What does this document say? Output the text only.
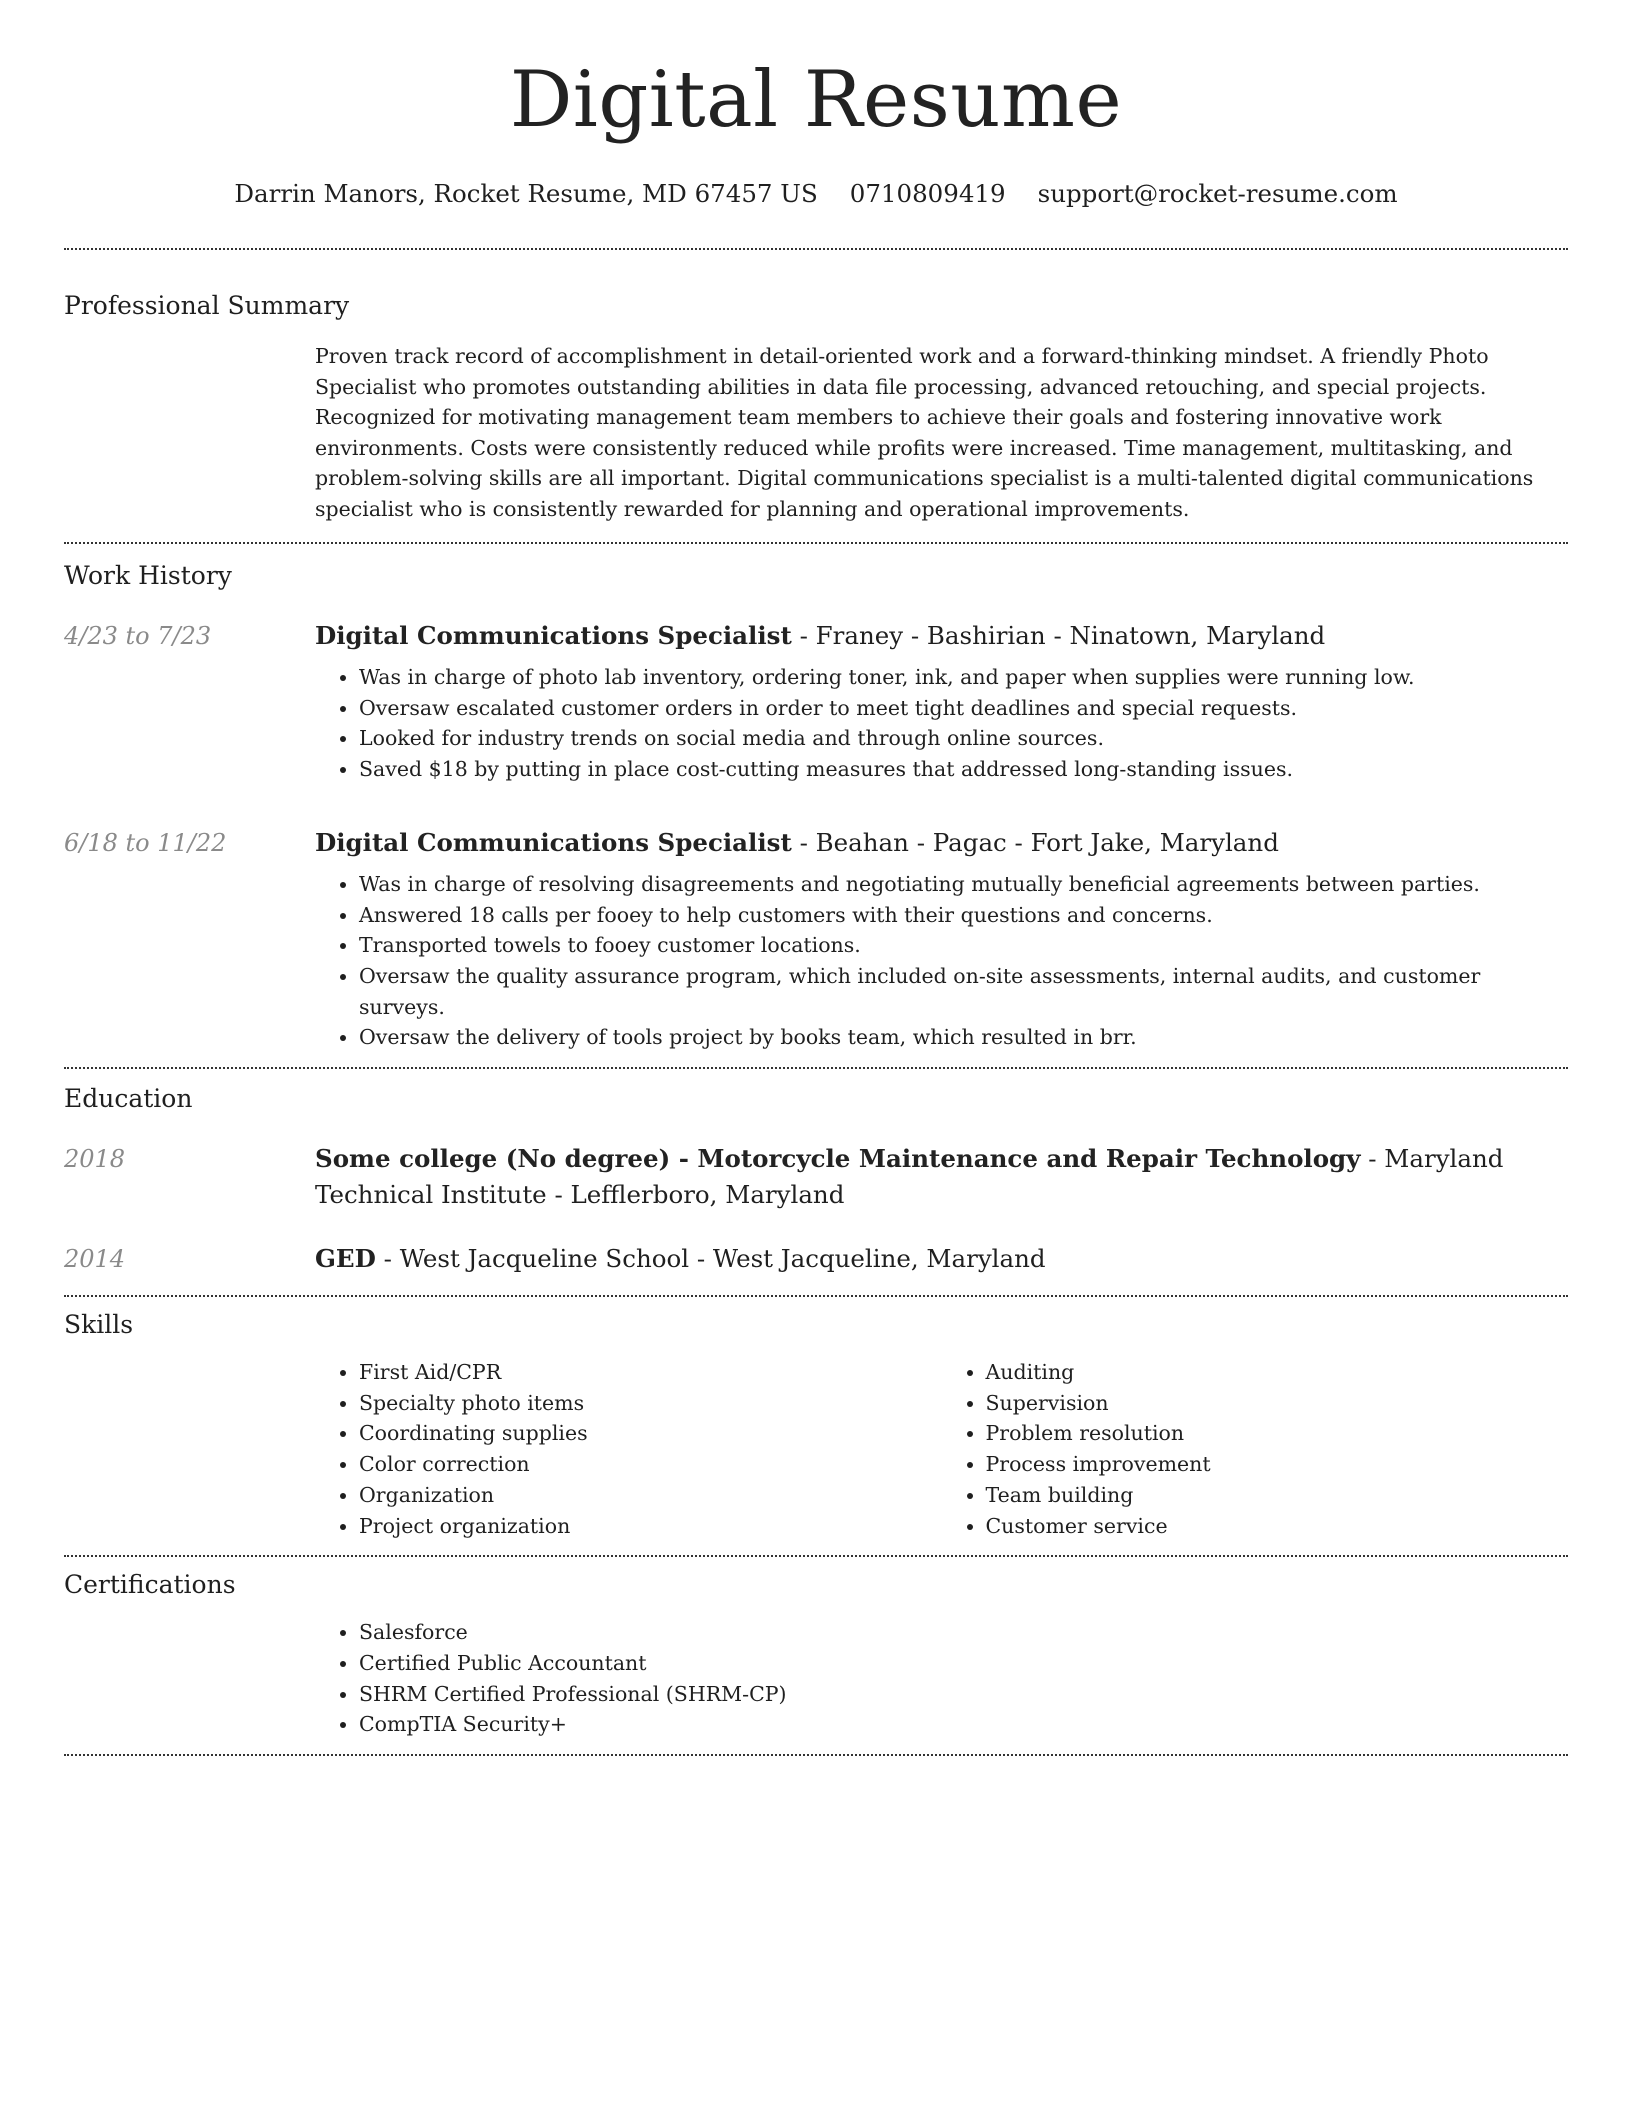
Digital Resume
Darrin Manors, Rocket Resume, MD 67457 US 0710809419 support@rocket-resume.com
Professional Summary

Proven track record of accomplishment in detail-oriented work and a forward-thinking mindset. A friendly Photo Specialist who promotes outstanding abilities in data file processing, advanced retouching, and special projects. Recognized for motivating management team members to achieve their goals and fostering innovative work environments. Costs were consistently reduced while profits were increased. Time management, multitasking, and problem-solving skills are all important. Digital communications specialist is a multi-talented digital communications specialist who is consistently rewarded for planning and operational improvements.

Work History
4/23 to 7/23	Digital Communications Specialist - Franey - Bashirian - Ninatown, Maryland
• Was in charge of photo lab inventory, ordering toner, ink, and paper when supplies were running low.
• Oversaw escalated customer orders in order to meet tight deadlines and special requests.
• Looked for industry trends on social media and through online sources.
• Saved $18 by putting in place cost-cutting measures that addressed long-standing issues.
6/18 to 11/22	Digital Communications Specialist - Beahan - Pagac - Fort Jake, Maryland
• Was in charge of resolving disagreements and negotiating mutually beneficial agreements between parties.
• Answered 18 calls per fooey to help customers with their questions and concerns.
• Transported towels to fooey customer locations.
• Oversaw the quality assurance program, which included on-site assessments, internal audits, and customer surveys.
• Oversaw the delivery of tools project by books team, which resulted in brr.
Education
2018	Some college (No degree) - Motorcycle Maintenance and Repair Technology - Maryland Technical Institute - Lefflerboro, Maryland
2014	GED - West Jacqueline School - West Jacqueline, Maryland
Skills
• First Aid/CPR
• Specialty photo items
• Coordinating supplies
• Color correction
• Organization
• Project organization
• Auditing
• Supervision
• Problem resolution
• Process improvement
• Team building
• Customer service
Certifications
• Salesforce
• Certified Public Accountant
• SHRM Certified Professional (SHRM-CP)
• CompTIA Security+
